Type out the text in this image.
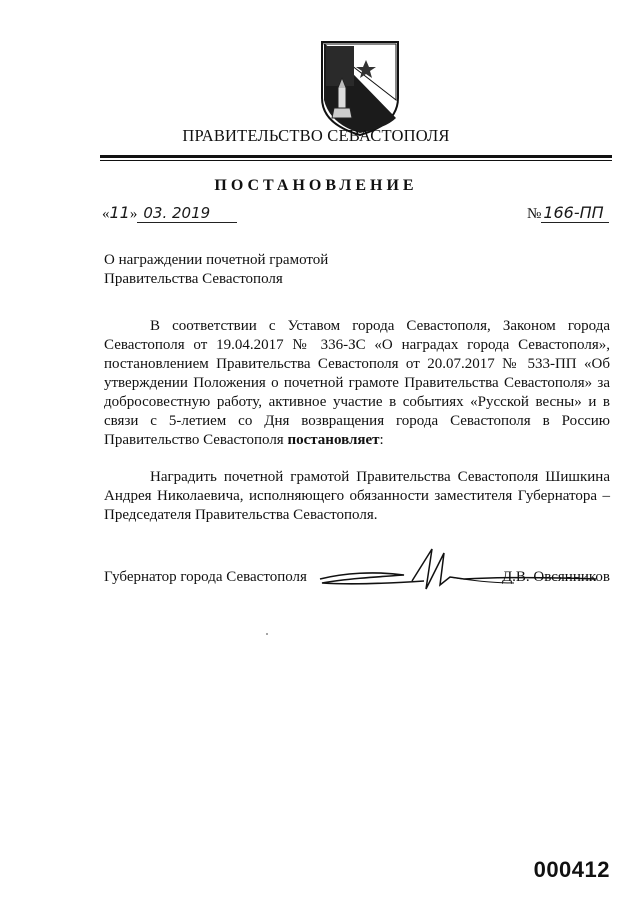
ПРАВИТЕЛЬСТВО СЕВАСТОПОЛЯ
ПОСТАНОВЛЕНИЕ
«11» 03. 2019	№ 166-ПП
О награждении почетной грамотой
Правительства Севастополя

В соответствии с Уставом города Севастополя, Законом города Севастополя от 19.04.2017 № 336-ЗС «О наградах города Севастополя», постановлением Правительства Севастополя от 20.07.2017 № 533-ПП «Об утверждении Положения о почетной грамоте Правительства Севастополя» за добросовестную работу, активное участие в событиях «Русской весны» и в связи с 5-летием со Дня возвращения города Севастополя в Россию Правительство Севастополя постановляет:

Наградить почетной грамотой Правительства Севастополя Шишкина Андрея Николаевича, исполняющего обязанности заместителя Губернатора – Председателя Правительства Севастополя.

Губернатор города Севастополя	Д.В. Овсянников
000412
